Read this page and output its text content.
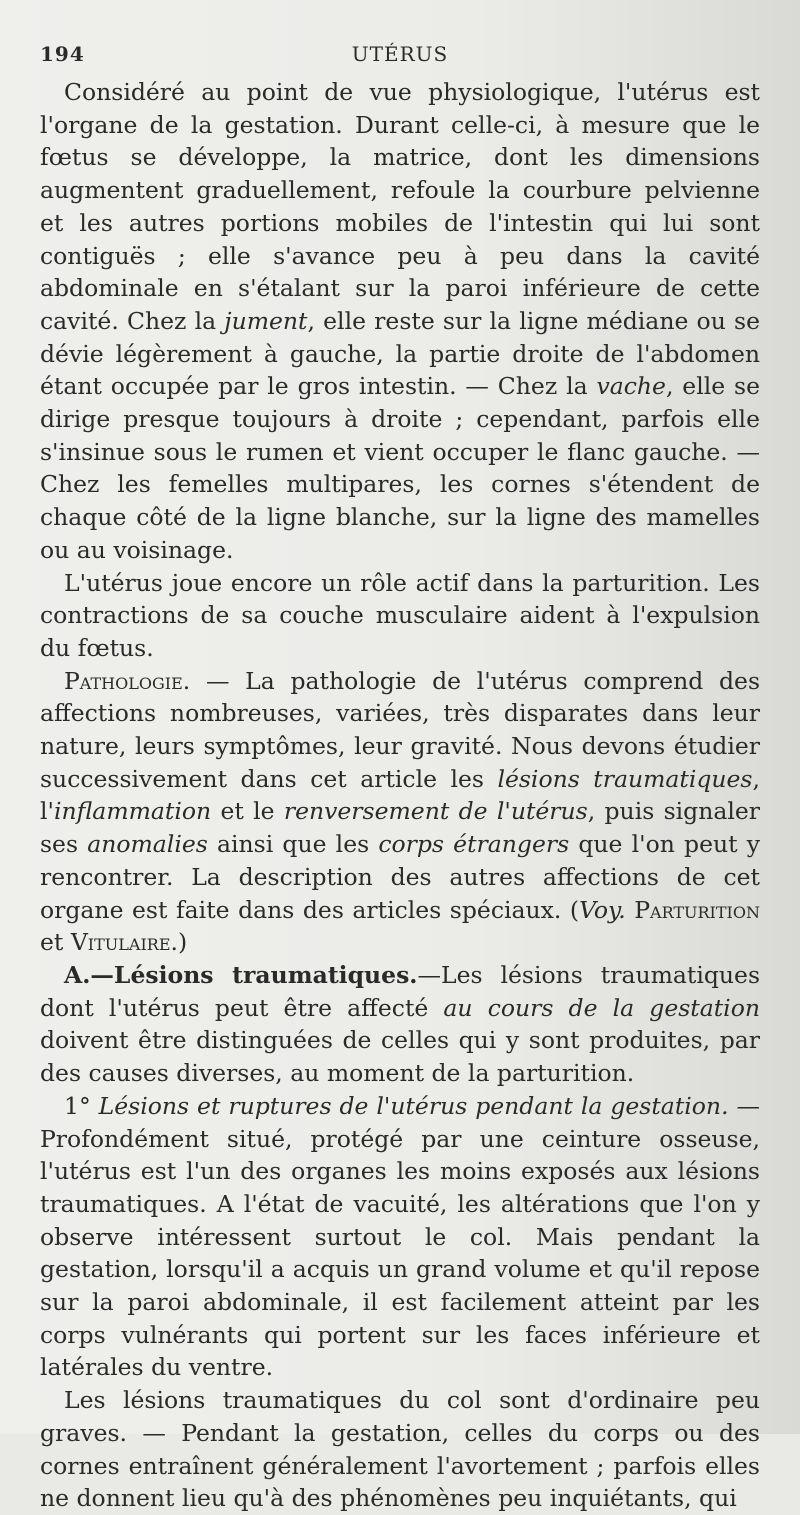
194	UTÉRUS

Considéré au point de vue physiologique, l'utérus est l'organe de la gestation. Durant celle-ci, à mesure que le fœtus se développe, la matrice, dont les dimensions augmentent graduellement, refoule la courbure pelvienne et les autres portions mobiles de l'intestin qui lui sont contiguës ; elle s'avance peu à peu dans la cavité abdominale en s'étalant sur la paroi inférieure de cette cavité. Chez la jument, elle reste sur la ligne médiane ou se dévie légèrement à gauche, la partie droite de l'abdomen étant occupée par le gros intestin. — Chez la vache, elle se dirige presque toujours à droite ; cependant, parfois elle s'insinue sous le rumen et vient occuper le flanc gauche. — Chez les femelles multipares, les cornes s'étendent de chaque côté de la ligne blanche, sur la ligne des mamelles ou au voisinage.

L'utérus joue encore un rôle actif dans la parturition. Les contractions de sa couche musculaire aident à l'expulsion du fœtus.

Pathologie. — La pathologie de l'utérus comprend des affections nombreuses, variées, très disparates dans leur nature, leurs symptômes, leur gravité. Nous devons étudier successivement dans cet article les lésions traumatiques, l'inflammation et le renversement de l'utérus, puis signaler ses anomalies ainsi que les corps étrangers que l'on peut y rencontrer. La description des autres affections de cet organe est faite dans des articles spéciaux. (Voy. Parturition et Vitulaire.)

A.—Lésions traumatiques.—Les lésions traumatiques dont l'utérus peut être affecté au cours de la gestation doivent être distinguées de celles qui y sont produites, par des causes diverses, au moment de la parturition.

1° Lésions et ruptures de l'utérus pendant la gestation. — Profondément situé, protégé par une ceinture osseuse, l'utérus est l'un des organes les moins exposés aux lésions traumatiques. A l'état de vacuité, les altérations que l'on y observe intéressent surtout le col. Mais pendant la gestation, lorsqu'il a acquis un grand volume et qu'il repose sur la paroi abdominale, il est facilement atteint par les corps vulnérants qui portent sur les faces inférieure et latérales du ventre.

Les lésions traumatiques du col sont d'ordinaire peu graves. — Pendant la gestation, celles du corps ou des cornes entraînent généralement l'avortement ; parfois elles ne donnent lieu qu'à des phénomènes peu inquiétants, qui
